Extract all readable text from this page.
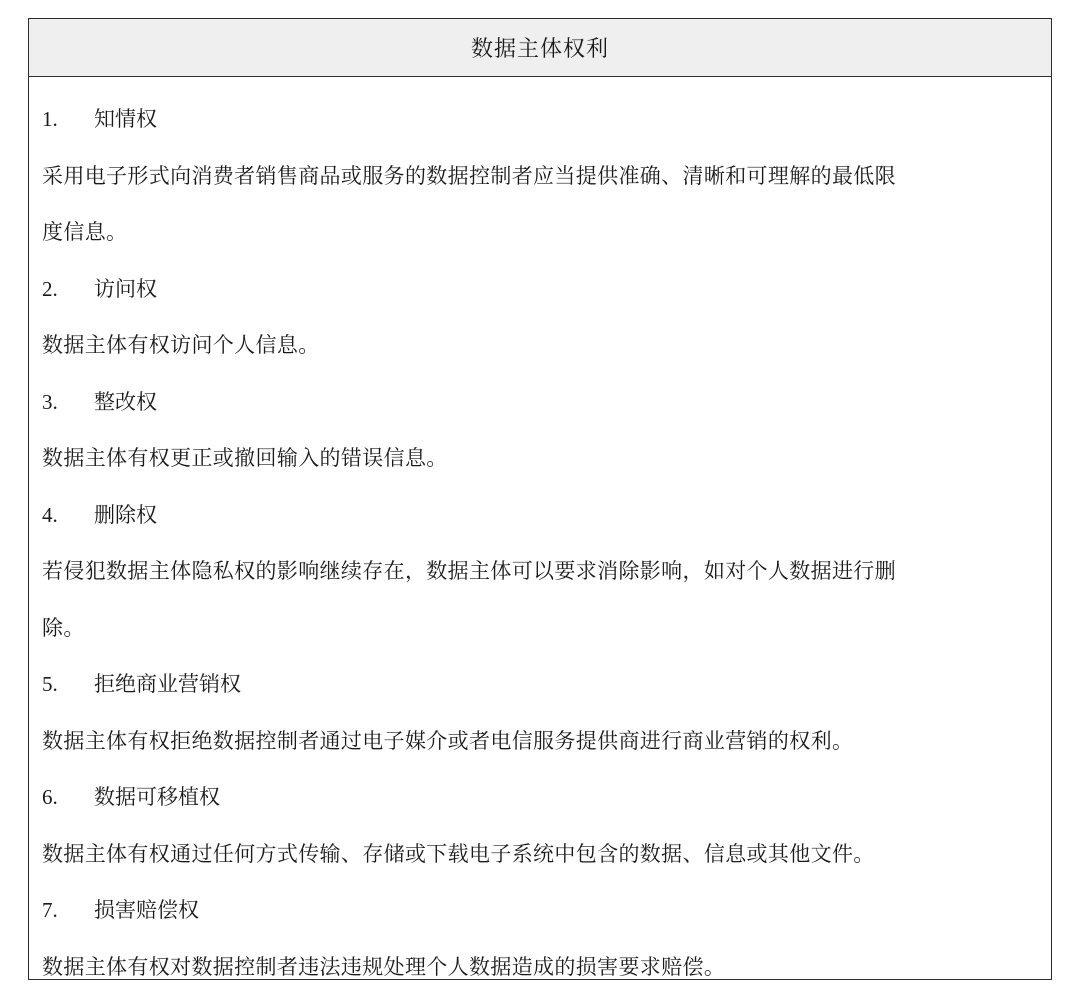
数据主体权利
1.	知情权
采用电子形式向消费者销售商品或服务的数据控制者应当提供准确、清晰和可理解的最低限
度信息。
2.	访问权
数据主体有权访问个人信息。
3.	整改权
数据主体有权更正或撤回输入的错误信息。
4.	删除权
若侵犯数据主体隐私权的影响继续存在，数据主体可以要求消除影响，如对个人数据进行删
除。
5.	拒绝商业营销权
数据主体有权拒绝数据控制者通过电子媒介或者电信服务提供商进行商业营销的权利。
6.	数据可移植权
数据主体有权通过任何方式传输、存储或下载电子系统中包含的数据、信息或其他文件。
7.	损害赔偿权
数据主体有权对数据控制者违法违规处理个人数据造成的损害要求赔偿。
